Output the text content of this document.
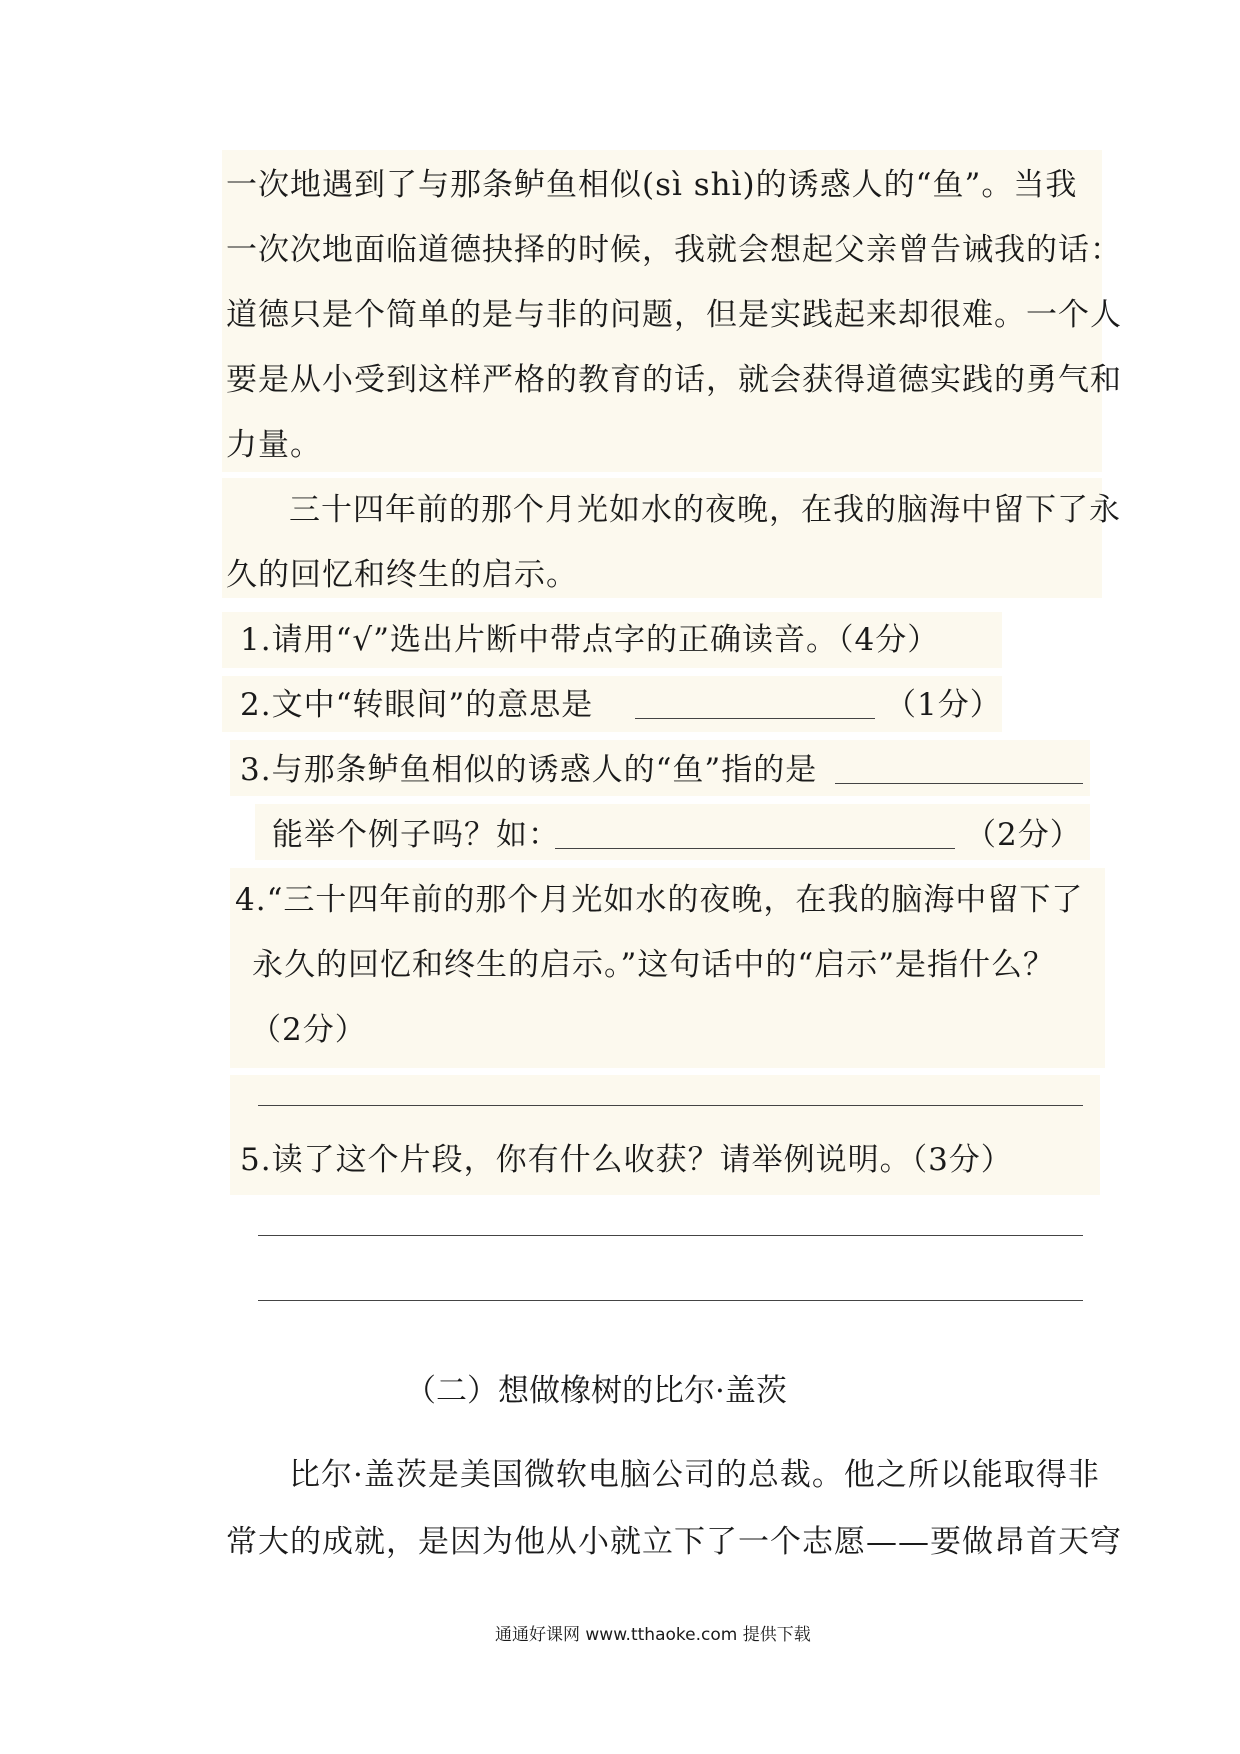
一次地遇到了与那条鲈鱼相似(sì shì)的诱惑人的“鱼”。当我
一次次地面临道德抉择的时候，我就会想起父亲曾告诫我的话：
道德只是个简单的是与非的问题，但是实践起来却很难。一个人
要是从小受到这样严格的教育的话，就会获得道德实践的勇气和
力量。
三十四年前的那个月光如水的夜晚，在我的脑海中留下了永
久的回忆和终生的启示。
1.请用“√”选出片断中带点字的正确读音。（4分）
2.文中“转眼间”的意思是	（1分）
3.与那条鲈鱼相似的诱惑人的“鱼”指的是
能举个例子吗？如：	（2分）
4.“三十四年前的那个月光如水的夜晚，在我的脑海中留下了
永久的回忆和终生的启示。”这句话中的“启示”是指什么？
（2分）
5.读了这个片段，你有什么收获？请举例说明。（3分）
（二）想做橡树的比尔·盖茨
比尔·盖茨是美国微软电脑公司的总裁。他之所以能取得非
常大的成就，是因为他从小就立下了一个志愿——要做昂首天穹
通通好课网 www.tthaoke.com 提供下载
